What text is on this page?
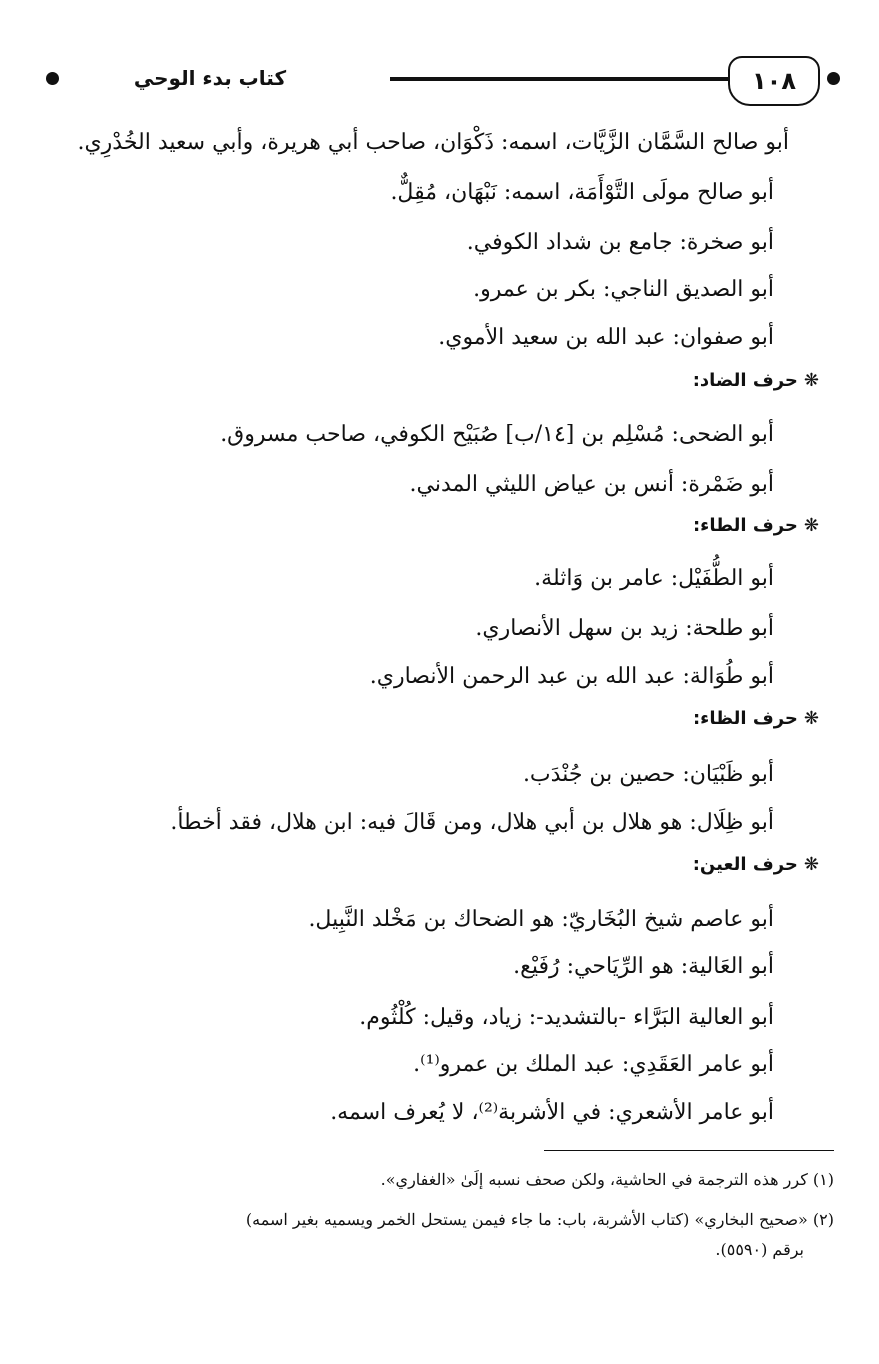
١٠٨
كتاب بدء الوحي
أبو صالح السَّمَّان الزَّيَّات، اسمه: ذَكْوَان، صاحب أبي هريرة، وأبي سعيد الخُدْرِي.
أبو صالح مولَى التَّوْأَمَة، اسمه: نَبْهَان، مُقِلٌّ.
أبو صخرة: جامع بن شداد الكوفي.
أبو الصديق الناجي: بكر بن عمرو.
أبو صفوان: عبد الله بن سعيد الأموي.
❋حرف الضاد:
أبو الضحى: مُسْلِم بن [١٤/ب] صُبَيْح الكوفي، صاحب مسروق.
أبو ضَمْرة: أنس بن عياض الليثي المدني.
❋حرف الطاء:
أبو الطُّفَيْل: عامر بن وَاثلة.
أبو طلحة: زيد بن سهل الأنصاري.
أبو طُوَالة: عبد الله بن عبد الرحمن الأنصاري.
❋حرف الظاء:
أبو ظَبْيَان: حصين بن جُنْدَب.
أبو ظِلَال: هو هلال بن أبي هلال، ومن قَالَ فيه: ابن هلال، فقد أخطأ.
❋حرف العين:
أبو عاصم شيخ البُخَاريّ: هو الضحاك بن مَخْلد النَّبِيل.
أبو العَالية: هو الرِّيَاحي: رُفَيْع.
أبو العالية البَرَّاء -بالتشديد-: زياد، وقيل: كُلْثُوم.
أبو عامر العَقَدِي: عبد الملك بن عمرو⁽¹⁾.
أبو عامر الأشعري: في الأشربة⁽²⁾، لا يُعرف اسمه.
(١) كرر هذه الترجمة في الحاشية، ولكن صحف نسبه إلَىٰ «الغفاري».
(٢) «صحيح البخاري» (كتاب الأشربة، باب: ما جاء فيمن يستحل الخمر ويسميه بغير اسمه)
برقم (٥٥٩٠).
